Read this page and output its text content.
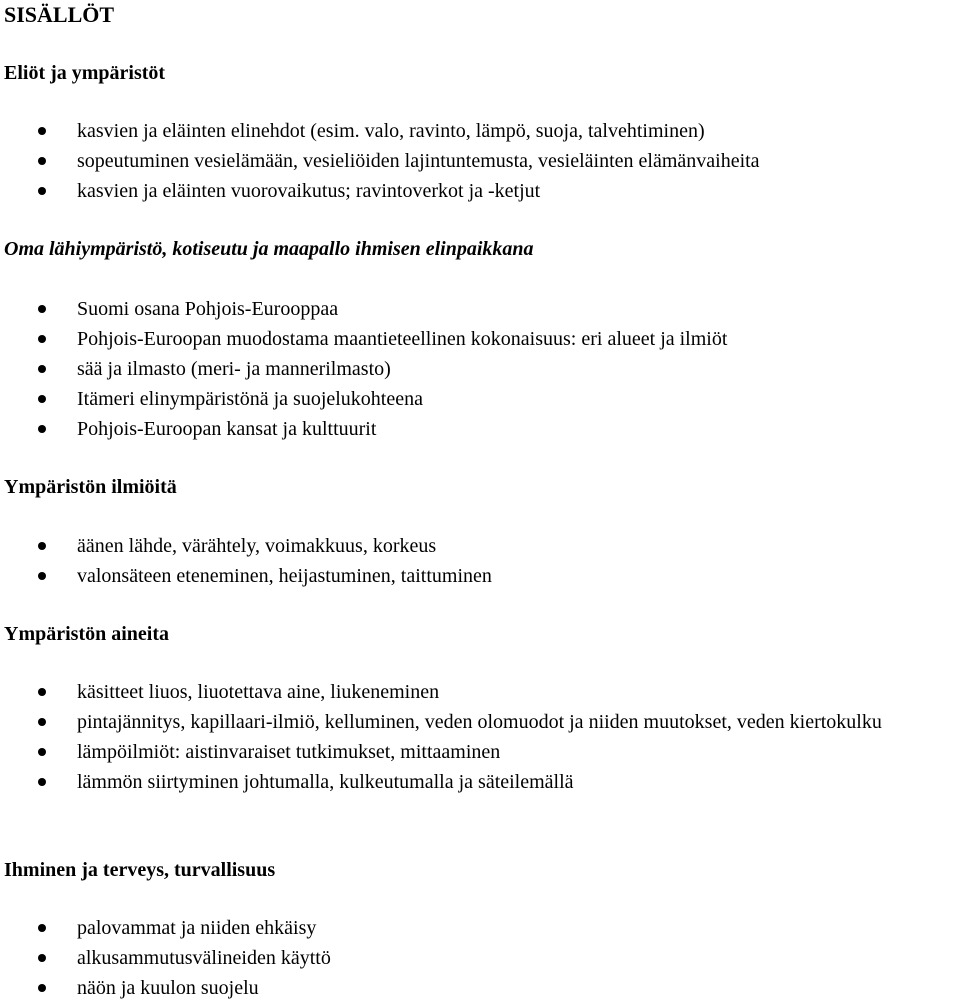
SISÄLLÖT
Eliöt ja ympäristöt
kasvien ja eläinten elinehdot (esim. valo, ravinto, lämpö, suoja, talvehtiminen)
sopeutuminen vesielämään, vesieliöiden lajintuntemusta, vesieläinten elämänvaiheita
kasvien ja eläinten vuorovaikutus; ravintoverkot ja -ketjut
Oma lähiympäristö, kotiseutu ja maapallo ihmisen elinpaikkana
Suomi osana Pohjois-Eurooppaa
Pohjois-Euroopan muodostama maantieteellinen kokonaisuus: eri alueet ja ilmiöt
sää ja ilmasto (meri- ja mannerilmasto)
Itämeri elinympäristönä ja suojelukohteena
Pohjois-Euroopan kansat ja kulttuurit
Ympäristön ilmiöitä
äänen lähde, värähtely, voimakkuus, korkeus
valonsäteen eteneminen, heijastuminen, taittuminen
Ympäristön aineita
käsitteet liuos, liuotettava aine, liukeneminen
pintajännitys, kapillaari-ilmiö, kelluminen, veden olomuodot ja niiden muutokset, veden kiertokulku
lämpöilmiöt: aistinvaraiset tutkimukset, mittaaminen
lämmön siirtyminen johtumalla, kulkeutumalla ja säteilemällä
Ihminen ja terveys, turvallisuus
palovammat ja niiden ehkäisy
alkusammutusvälineiden käyttö
näön ja kuulon suojelu
